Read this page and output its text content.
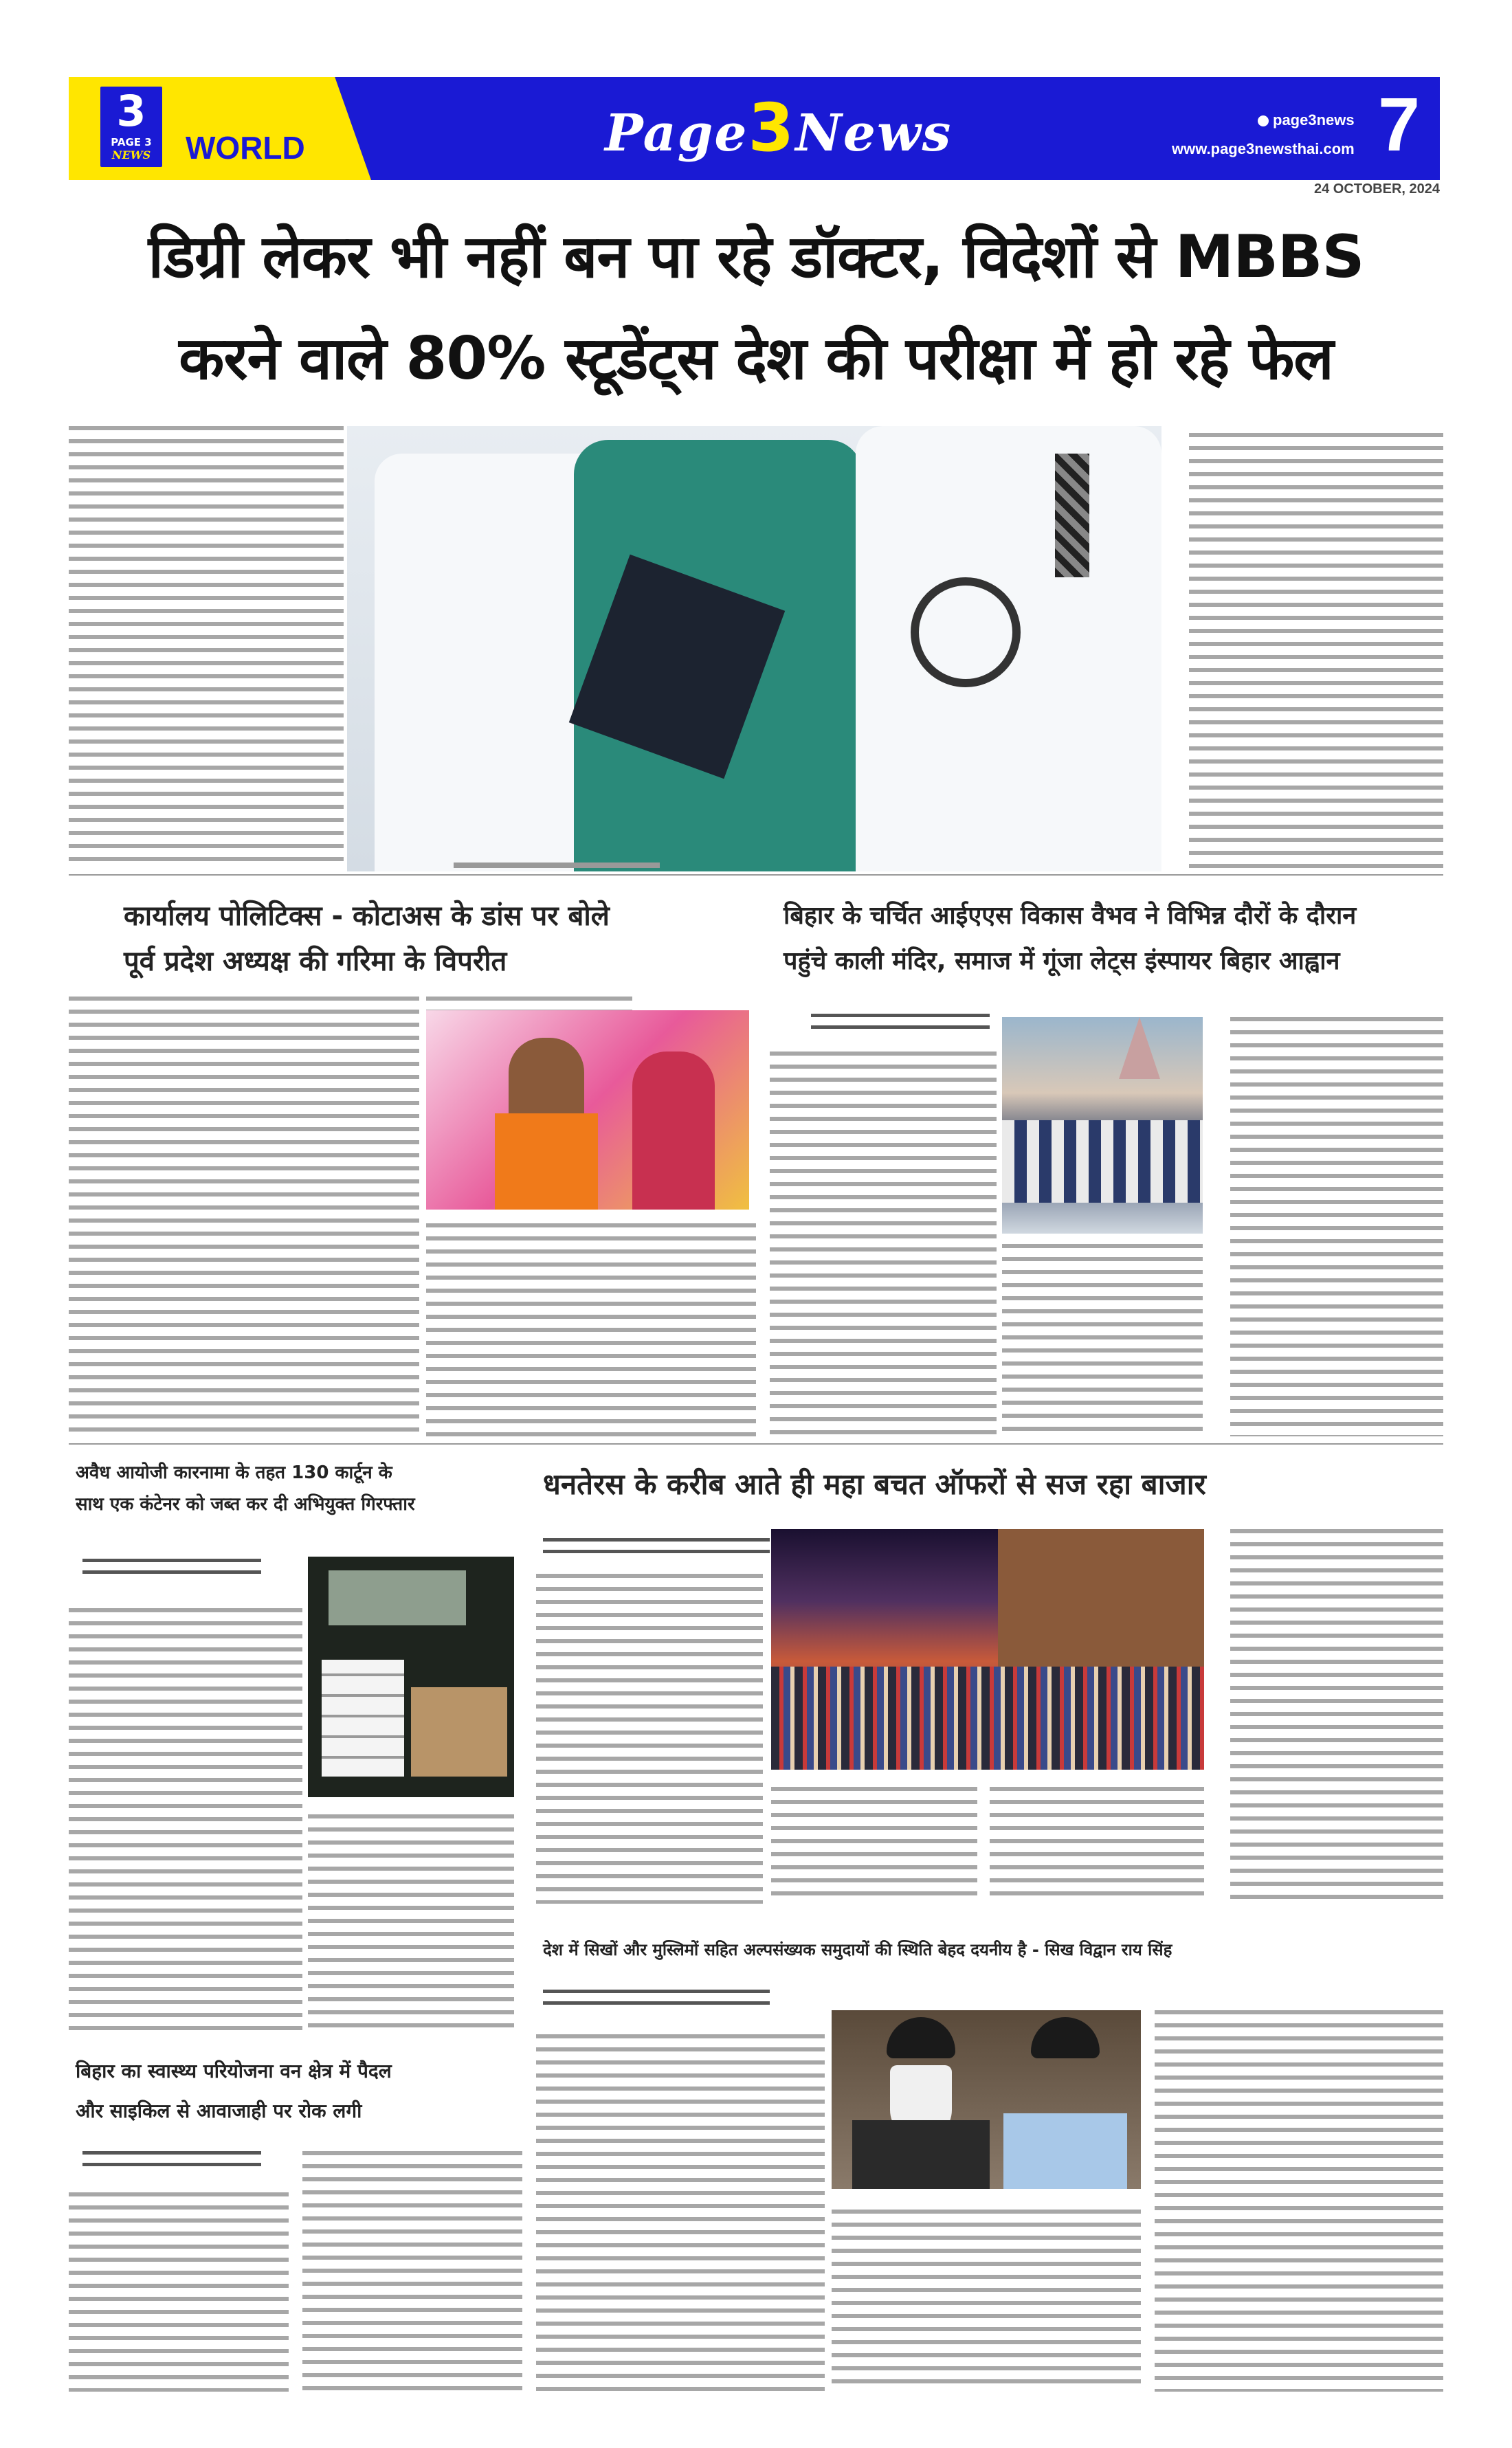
3
PAGE 3
NEWS	WORLD	Page3News	page3news
www.page3newsthai.com 7
24 OCTOBER, 2024
डिग्री लेकर भी नहीं बन पा रहे डॉक्टर, विदेशों से MBBS
करने वाले 80% स्टूडेंट्स देश की परीक्षा में हो रहे फेल
कार्यालय पोलिटिक्स - कोटाअस के डांस पर बोले
पूर्व प्रदेश अध्यक्ष की गरिमा के विपरीत
बिहार के चर्चित आईएएस विकास वैभव ने विभिन्न दौरों के दौरान
पहुंचे काली मंदिर, समाज में गूंजा लेट्स इंस्पायर बिहार आह्वान
अवैध आयोजी कारनामा के तहत 130 कार्टून के
साथ एक कंटेनर को जब्त कर दी अभियुक्त गिरफ्तार
धनतेरस के करीब आते ही महा बचत ऑफरों से सज रहा बाजार
देश में सिखों और मुस्लिमों सहित अल्पसंख्यक समुदायों की स्थिति बेहद दयनीय है - सिख विद्वान राय सिंह
बिहार का स्वास्थ्य परियोजना वन क्षेत्र में पैदल
और साइकिल से आवाजाही पर रोक लगी
